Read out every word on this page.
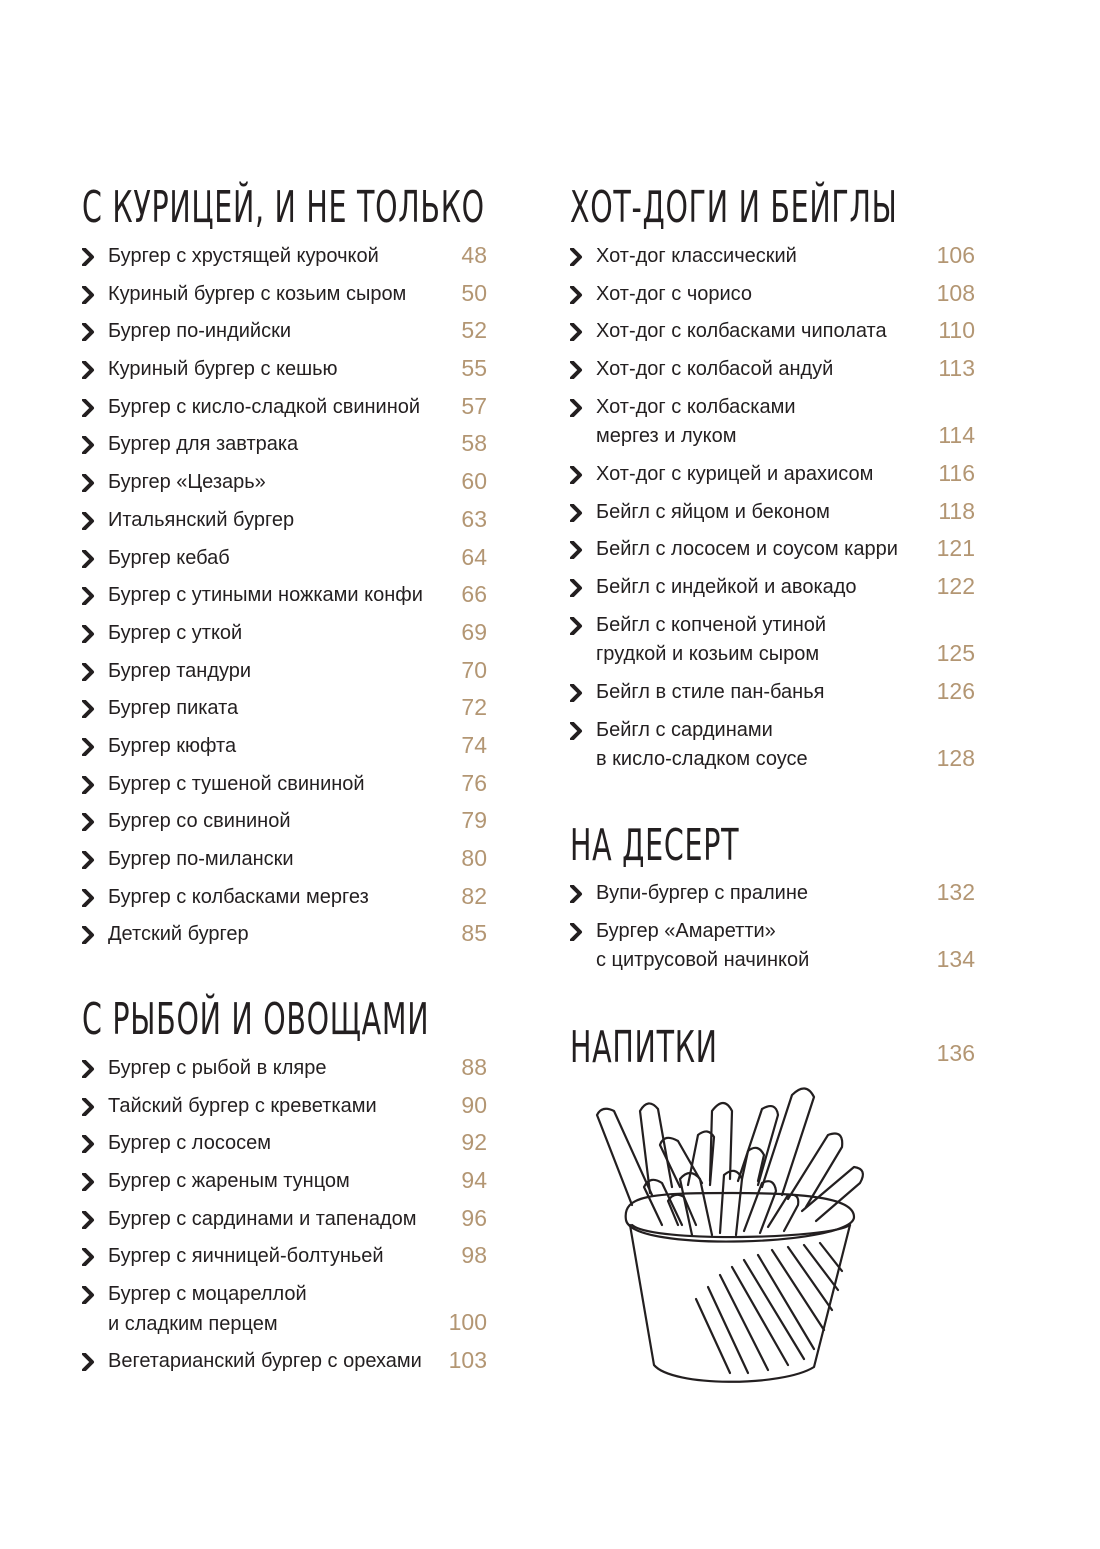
С КУРИЦЕЙ, И НЕ ТОЛЬКО
Бургер с хрустящей курочкой	48
Куриный бургер с козьим сыром 50
Бургер по-индийски	52
Куриный бургер с кешью	55
Бургер с кисло-сладкой свининой 57
Бургер для завтрака	58
Бургер «Цезарь»	60
Итальянский бургер	63
Бургер кебаб	64
Бургер с утиными ножками конфи 66
Бургер с уткой	69
Бургер тандури	70
Бургер пиката	72
Бургер кюфта	74
Бургер с тушеной свининой	76
Бургер со свининой	79
Бургер по-милански	80
Бургер с колбасками мергез	82
Детский бургер	85
С РЫБОЙ И ОВОЩАМИ
Бургер с рыбой в кляре	88
Тайский бургер с креветками	90
Бургер с лососем	92
Бургер с жареным тунцом	94
Бургер с сардинами и тапенадом 96
Бургер с яичницей-болтуньей	98
Бургер с моцареллой
и сладким перцем	100
Вегетарианский бургер с орехами 103
ХОТ-ДОГИ И БЕЙГЛЫ
Хот-дог классический	106
Хот-дог с чорисо	108
Хот-дог с колбасками чиполата 110
Хот-дог с колбасой андуй	113
Хот-дог с колбасками
мергез и луком	114
Хот-дог с курицей и арахисом	116
Бейгл с яйцом и беконом	118
Бейгл с лососем и соусом карри 121
Бейгл с индейкой и авокадо	122
Бейгл с копченой утиной
грудкой и козьим сыром	125
Бейгл в стиле пан-банья	126
Бейгл с сардинами
в кисло-сладком соусе	128
НА ДЕСЕРТ
Вупи-бургер с пралине	132
Бургер «Амаретти»
с цитрусовой начинкой	134
НАПИТКИ	136
